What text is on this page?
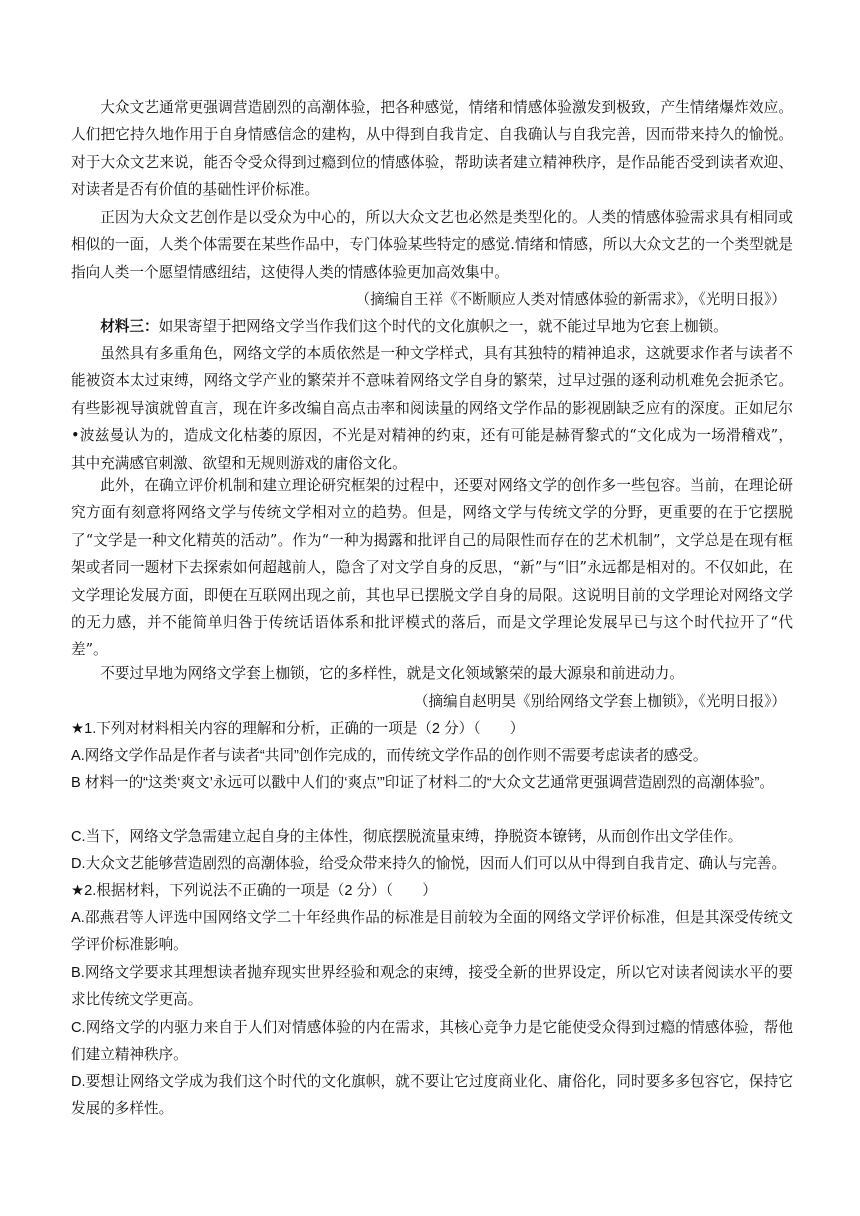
大众文艺通常更强调营造剧烈的高潮体验，把各种感觉，情绪和情感体验激发到极致，产生情绪爆炸效应。人们把它持久地作用于自身情感信念的建构，从中得到自我肯定、自我确认与自我完善，因而带来持久的愉悦。对于大众文艺来说，能否令受众得到过瘾到位的情感体验，帮助读者建立精神秩序，是作品能否受到读者欢迎、对读者是否有价值的基础性评价标准。

正因为大众文艺创作是以受众为中心的，所以大众文艺也必然是类型化的。人类的情感体验需求具有相同或相似的一面，人类个体需要在某些作品中，专门体验某些特定的感觉.情绪和情感，所以大众文艺的一个类型就是指向人类一个愿望情感纽结，这使得人类的情感体验更加高效集中。

（摘编自王祥《不断顺应人类对情感体验的新需求》，《光明日报》）

材料三：如果寄望于把网络文学当作我们这个时代的文化旗帜之一，就不能过早地为它套上枷锁。

虽然具有多重角色，网络文学的本质依然是一种文学样式，具有其独特的精神追求，这就要求作者与读者不能被资本太过束缚，网络文学产业的繁荣并不意味着网络文学自身的繁荣，过早过强的逐利动机难免会扼杀它。有些影视导演就曾直言，现在许多改编自高点击率和阅读量的网络文学作品的影视剧缺乏应有的深度。正如尼尔•波兹曼认为的，造成文化枯萎的原因，不光是对精神的约束，还有可能是赫胥黎式的“文化成为一场滑稽戏”，其中充满感官刺激、欲望和无规则游戏的庸俗文化。

此外，在确立评价机制和建立理论研究框架的过程中，还要对网络文学的创作多一些包容。当前，在理论研究方面有刻意将网络文学与传统文学相对立的趋势。但是，网络文学与传统文学的分野，更重要的在于它摆脱了“文学是一种文化精英的活动”。作为“一种为揭露和批评自己的局限性而存在的艺术机制”，文学总是在现有框架或者同一题材下去探索如何超越前人，隐含了对文学自身的反思，“新”与“旧”永远都是相对的。不仅如此，在文学理论发展方面，即便在互联网出现之前，其也早已摆脱文学自身的局限。这说明目前的文学理论对网络文学的无力感，并不能简单归咎于传统话语体系和批评模式的落后，而是文学理论发展早已与这个时代拉开了“代差”。

不要过早地为网络文学套上枷锁，它的多样性，就是文化领域繁荣的最大源泉和前进动力。

（摘编自赵明昊《别给网络文学套上枷锁》，《光明日报》）

★1.下列对材料相关内容的理解和分析，正确的一项是（2 分）（　　）

A.网络文学作品是作者与读者“共同”创作完成的，而传统文学作品的创作则不需要考虑读者的感受。

B 材料一的“这类‘爽文’永远可以戳中人们的‘爽点’”印证了材料二的“大众文艺通常更强调营造剧烈的高潮体验”。

C.当下，网络文学急需建立起自身的主体性，彻底摆脱流量束缚，挣脱资本镣铐，从而创作出文学佳作。

D.大众文艺能够营造剧烈的高潮体验，给受众带来持久的愉悦，因而人们可以从中得到自我肯定、确认与完善。

★2.根据材料，下列说法不正确的一项是（2 分）（　　）

A.邵燕君等人评选中国网络文学二十年经典作品的标准是目前较为全面的网络文学评价标准，但是其深受传统文学评价标准影响。

B.网络文学要求其理想读者抛弃现实世界经验和观念的束缚，接受全新的世界设定，所以它对读者阅读水平的要求比传统文学更高。

C.网络文学的内驱力来自于人们对情感体验的内在需求，其核心竞争力是它能使受众得到过瘾的情感体验，帮他们建立精神秩序。

D.要想让网络文学成为我们这个时代的文化旗帜，就不要让它过度商业化、庸俗化，同时要多多包容它，保持它发展的多样性。
